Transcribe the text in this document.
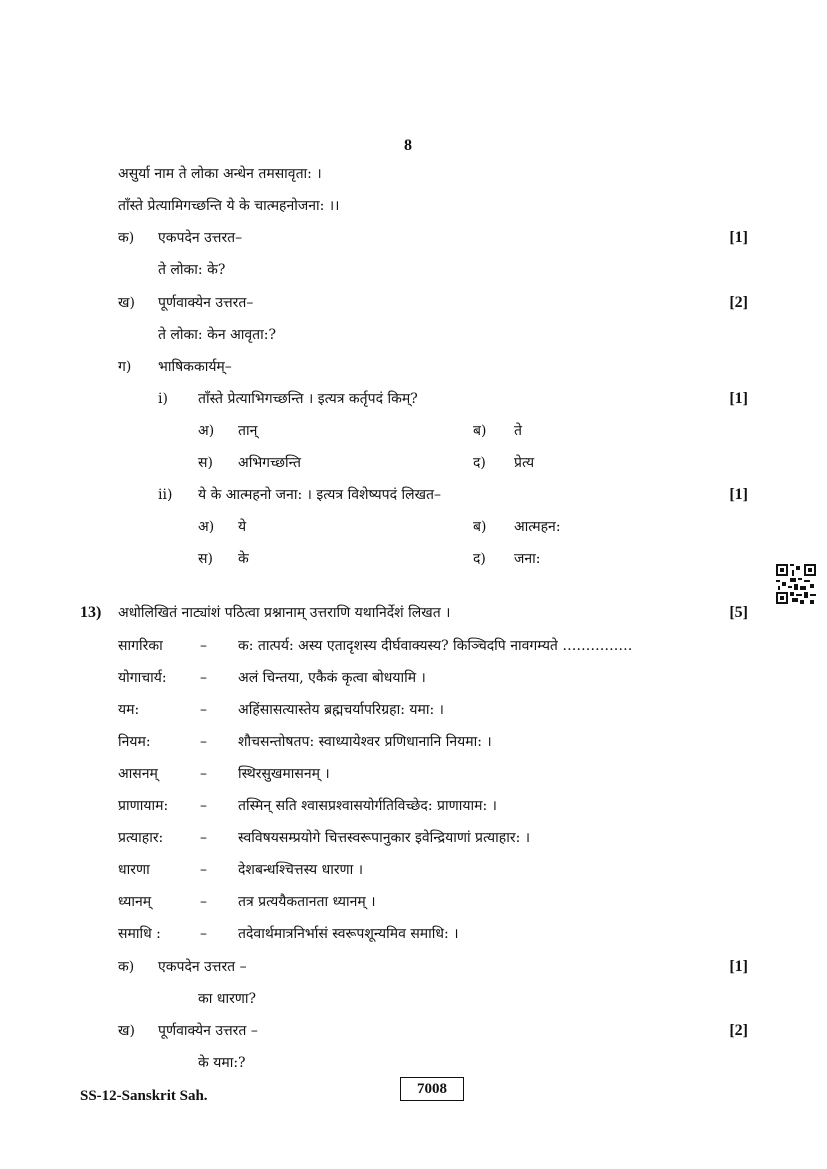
8
असुर्या नाम ते लोका अन्धेन तमसावृता: ।
ताँस्ते प्रेत्यामिगच्छन्ति ये के चात्महनोजना: ।।
क) एकपदेन उत्तरत–	[1]
ते लोका: के?
ख) पूर्णवाक्येन उत्तरत–	[2]
ते लोका: केन आवृता:?
ग) भाषिककार्यम्–
i) ताँस्ते प्रेत्याभिगच्छन्ति । इत्यत्र कर्तृपदं किम्?	[1]
अ) तान्	ब) ते
स) अभिगच्छन्ति	द) प्रेत्य
ii) ये के आत्महनो जना: । इत्यत्र विशेष्यपदं लिखत–	[1]
अ) ये	ब) आत्महन:
स) के	द) जना:
13) अधोलिखितं नाट्यांशं पठित्वा प्रश्नानाम् उत्तराणि यथानिर्देशं लिखत ।	[5]
सागरिका	– क: तात्पर्य: अस्य एतादृशस्य दीर्घवाक्यस्य? किञ्चिदपि नावगम्यते ……………
योगाचार्य: – अलं चिन्तया, एकैकं कृत्वा बोधयामि ।
यम:	– अहिंसासत्यास्तेय ब्रह्मचर्यापरिग्रहा: यमा: ।
नियम:	– शौचसन्तोषतप: स्वाध्यायेश्वर प्रणिधानानि नियमा: ।
आसनम्	– स्थिरसुखमासनम् ।
प्राणायाम: – तस्मिन् सति श्वासप्रश्वासयोर्गतिविच्छेद: प्राणायाम: ।
प्रत्याहार:	– स्वविषयसम्प्रयोगे चित्तस्वरूपानुकार इवेन्द्रियाणां प्रत्याहार: ।
धारणा	– देशबन्धश्चित्तस्य धारणा ।
ध्यानम्	– तत्र प्रत्ययैकतानता ध्यानम् ।
समाधि :	– तदेवार्थमात्रनिर्भासं स्वरूपशून्यमिव समाधि: ।
क) एकपदेन उत्तरत –	[1]
का धारणा?
ख) पूर्णवाक्येन उत्तरत –	[2]
के यमा:?
SS-12-Sanskrit Sah.	7008
